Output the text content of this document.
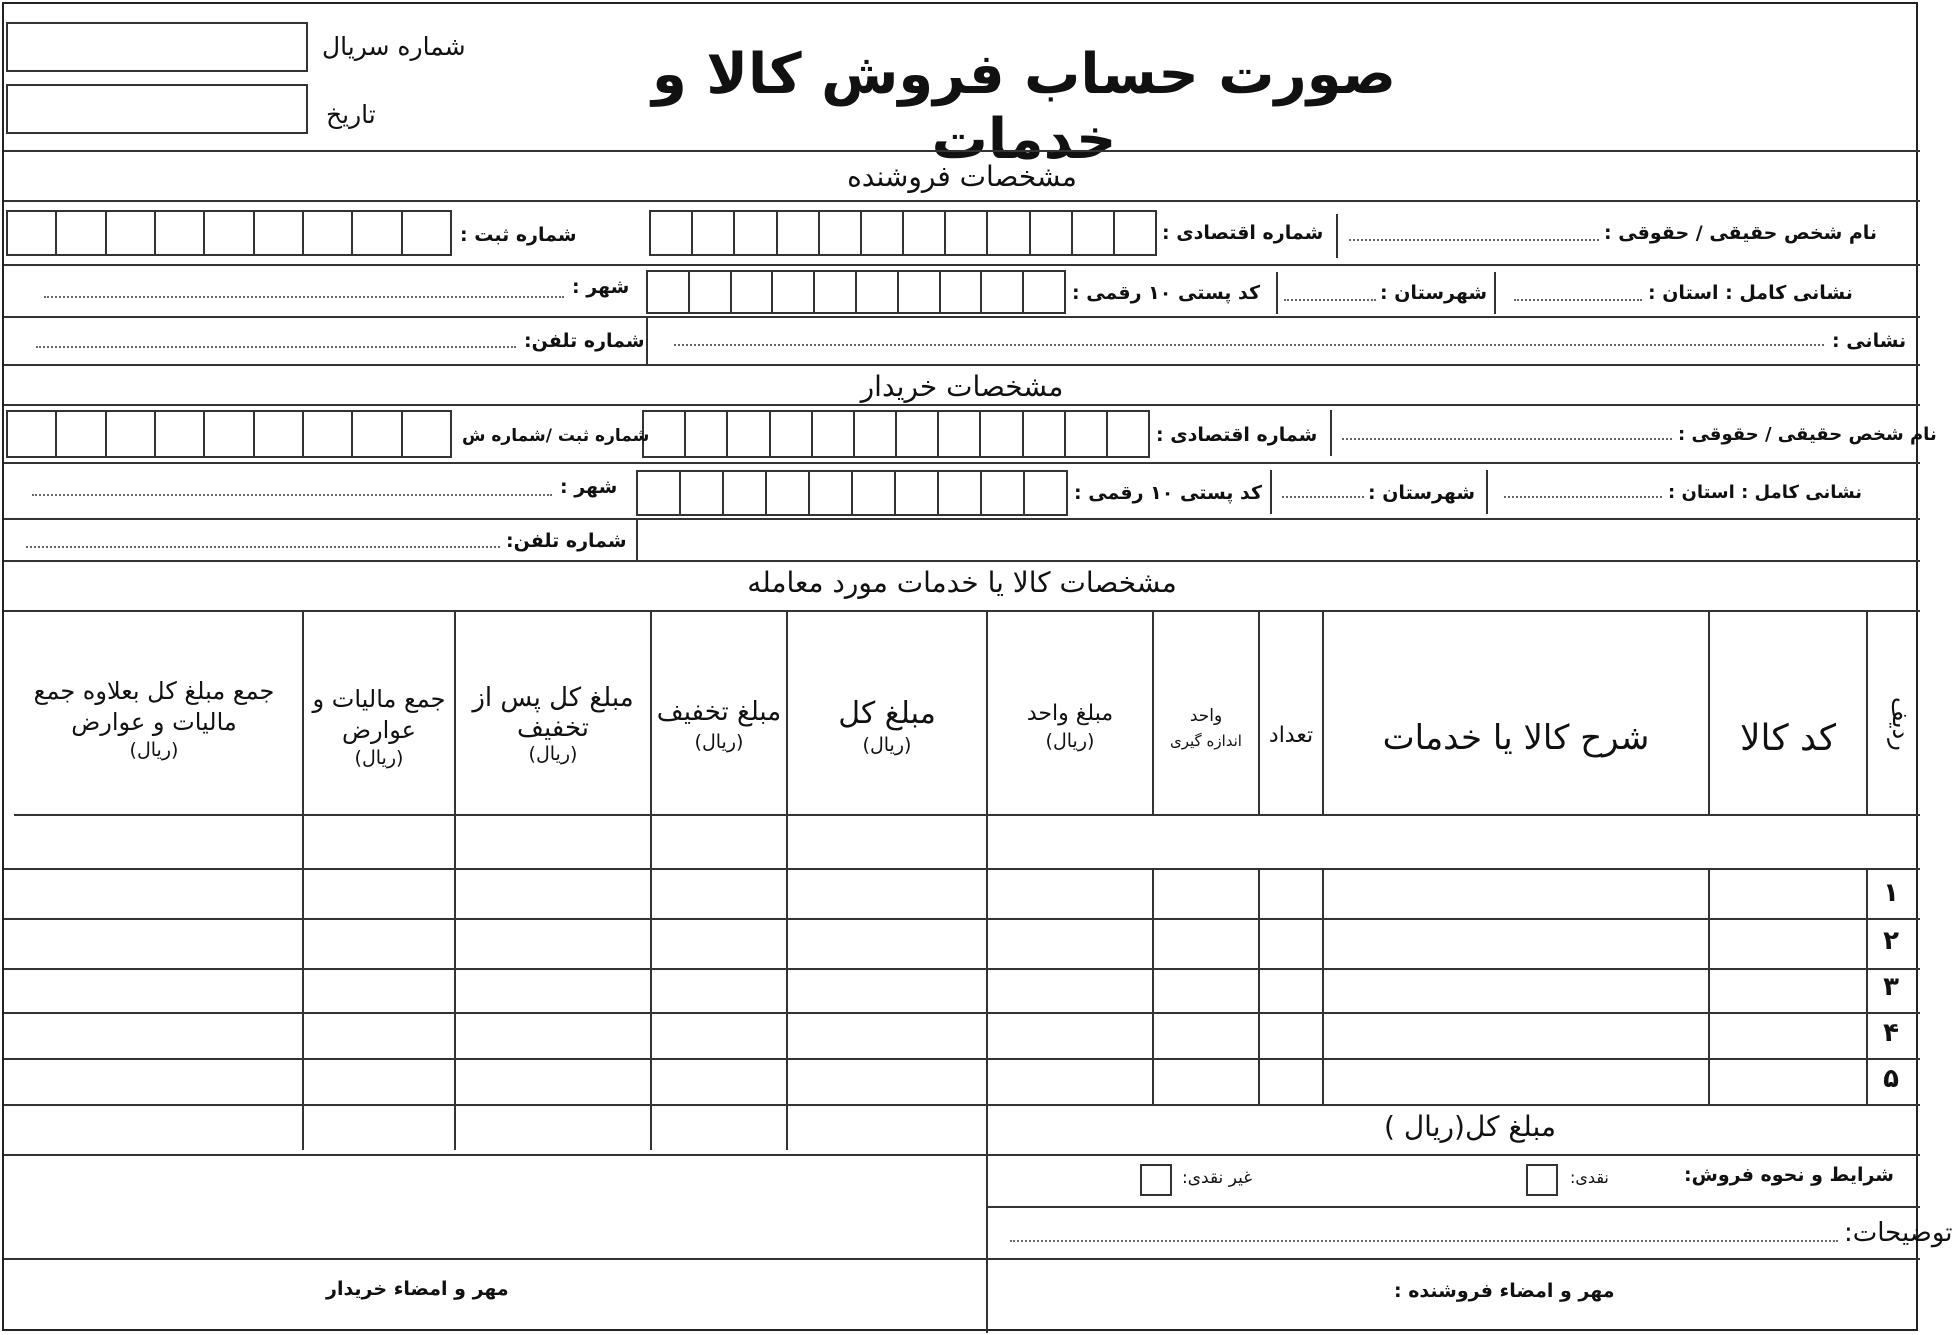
صورت حساب فروش کالا و خدمات
شماره سریال
تاریخ
مشخصات فروشنده
نام شخص حقیقی / حقوقی :
شماره اقتصادی :
شماره ثبت :
نشانی کامل : استان :
شهرستان :
کد پستی ۱۰ رقمی :
شهر :
نشانی :
شماره تلفن:
مشخصات خریدار
نام شخص حقیقی / حقوقی :
شماره اقتصادی :
شماره ثبت /شماره ش
نشانی کامل : استان :
شهرستان :
کد پستی ۱۰ رقمی :
شهر :
شماره تلفن:
مشخصات کالا یا خدمات مورد معامله
ردیف
کد کالا
شرح کالا یا خدمات
تعداد
واحد
اندازه گیری
مبلغ واحد
(ریال)
مبلغ کل
(ریال)
مبلغ تخفیف
(ریال)
مبلغ کل پس از تخفیف
(ریال)
جمع مالیات و عوارض
(ریال)
جمع مبلغ کل بعلاوه جمع مالیات و عوارض
(ریال)
۱
۲
۳
۴
۵
مبلغ کل(ریال )
شرایط و نحوه فروش:
نقدی:
غیر نقدی:
توضیحات:
مهر و امضاء فروشنده :
مهر و امضاء خریدار
